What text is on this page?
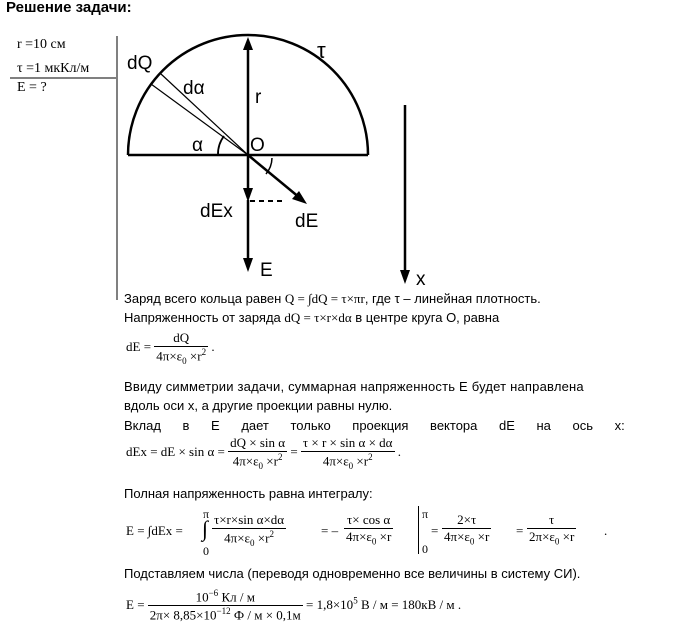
Решение задачи:
r =10 см
τ =1 мкКл/м
E = ?
dQ
dα
τ
r
α O
dEx	dE
E	x
Заряд всего кольца равен Q = ∫dQ = τ×πr, где τ – линейная плотность.
Напряженность от заряда dQ = τ×r×dα в центре круга О, равна
dE = $\frac{dQ}{4\pi\times\varepsilon_0 \times r^2}$ .
Ввиду симметрии задачи, суммарная напряженность E будет направлена
вдоль оси x, а другие проекции равны нулю.
Вклад в E дает только проекция вектора dE на ось x:
dEx = dE × $\sin \alpha = \frac{\text{dQ × sin α}}{4\pi\times\varepsilon_0 \times r^2} = \frac{\text{τ × r × sin α × dα}}{4\pi\times\varepsilon_0 \times r^2}$ .
Полная напряженность равна интегралу:
E = ∫dEx =
π
∫
0
$\frac{\text{τ×r×sin α×dα}}{4\pi\times\varepsilon_0 \times r^2}$	= – $\frac{\text{τ× cos α}}{4\pi\times\varepsilon_0 \times r}$ π
0
= $\frac{2\times\tau}{4\pi\times\varepsilon_0 \times r} = \frac{\tau}{2\pi\times\varepsilon_0 \times r}$ .
Подставляем числа (переводя одновременно все величины в систему СИ).
$E = \frac{10^{-6} Кл / м}{2\pi\times 8,85\times 10^{-12} Ф / м \times 0,1м} = 1,8\times 10^5$ В / м = 180кВ / м .
